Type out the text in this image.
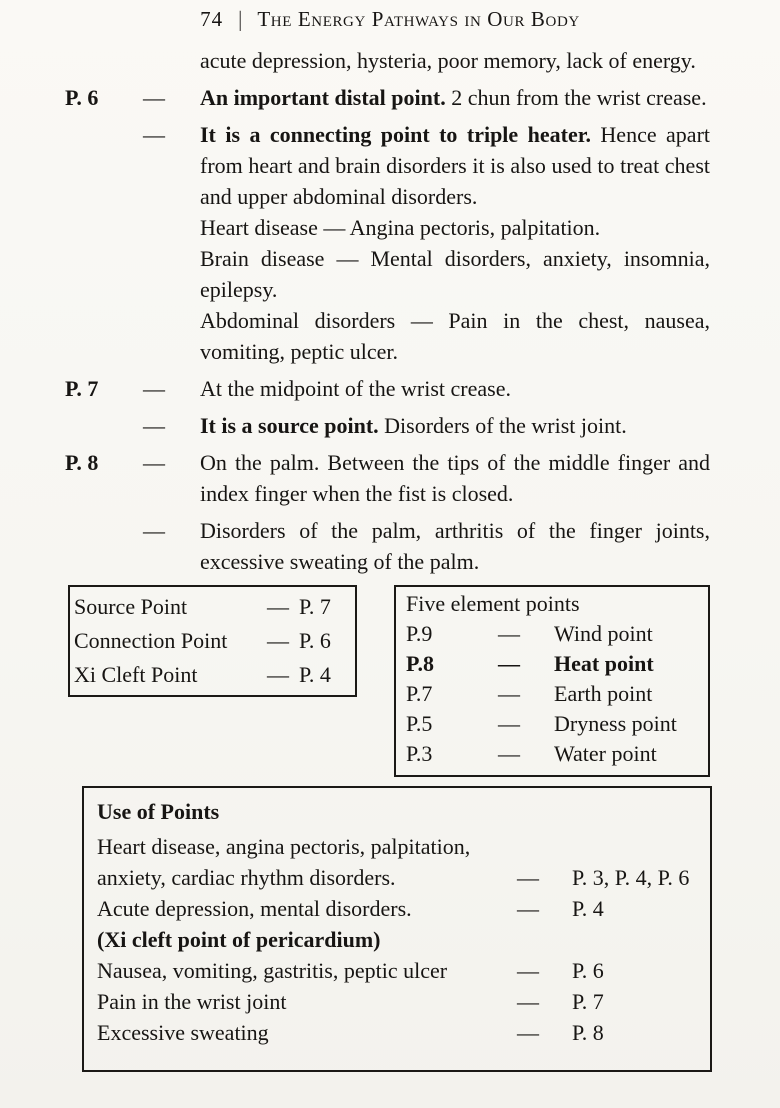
74 | The Energy Pathways in Our Body
acute depression, hysteria, poor memory, lack of energy.
P. 6	—	An important distal point. 2 chun from the wrist crease.
—	It is a connecting point to triple heater. Hence apart from heart and brain disorders it is also used to treat chest and upper abdominal disorders.
Heart disease — Angina pectoris, palpitation.
Brain disease — Mental disorders, anxiety, insomnia, epilepsy.
Abdominal disorders — Pain in the chest, nausea, vomiting, peptic ulcer.
P. 7	—	At the midpoint of the wrist crease.
—	It is a source point. Disorders of the wrist joint.
P. 8	—	On the palm. Between the tips of the middle finger and index finger when the fist is closed.
—	Disorders of the palm, arthritis of the finger joints, excessive sweating of the palm.
Source Point	— P. 7
Connection Point	— P. 6
Xi Cleft Point	— P. 4
Five element points
P.9	—	Wind point
P.8	—	Heat point
P.7	—	Earth point
P.5	—	Dryness point
P.3	—	Water point
Use of Points
Heart disease, angina pectoris, palpitation,
anxiety, cardiac rhythm disorders.	—	P. 3, P. 4, P. 6
Acute depression, mental disorders.	—	P. 4
(Xi cleft point of pericardium)
Nausea, vomiting, gastritis, peptic ulcer	—	P. 6
Pain in the wrist joint	—	P. 7
Excessive sweating	—	P. 8
